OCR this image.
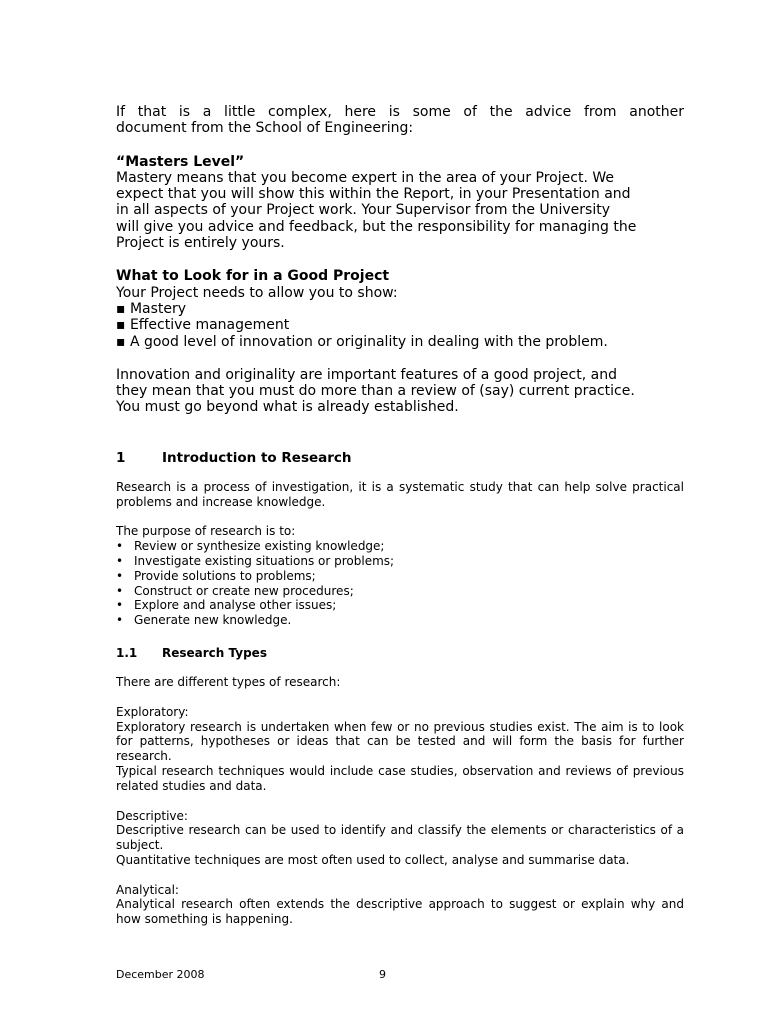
If that is a little complex, here is some of the advice from another
document from the School of Engineering:

“Masters Level”

Mastery means that you become expert in the area of your Project. We
expect that you will show this within the Report, in your Presentation and
in all aspects of your Project work. Your Supervisor from the University
will give you advice and feedback, but the responsibility for managing the
Project is entirely yours.

What to Look for in a Good Project

Your Project needs to allow you to show:

▪ Mastery
▪ Effective management
▪ A good level of innovation or originality in dealing with the problem.

Innovation and originality are important features of a good project, and
they mean that you must do more than a review of (say) current practice.
You must go beyond what is already established.

1	Introduction to Research

Research is a process of investigation, it is a systematic study that can help solve practical problems and increase knowledge.

The purpose of research is to:

• Review or synthesize existing knowledge;
• Investigate existing situations or problems;
• Provide solutions to problems;
• Construct or create new procedures;
• Explore and analyse other issues;
• Generate new knowledge.
1.1	Research Types

There are different types of research:

Exploratory:

Exploratory research is undertaken when few or no previous studies exist. The aim is to look for patterns, hypotheses or ideas that can be tested and will form the basis for further research.

Typical research techniques would include case studies, observation and reviews of previous related studies and data.

Descriptive:

Descriptive research can be used to identify and classify the elements or characteristics of a subject.

Quantitative techniques are most often used to collect, analyse and summarise data.

Analytical:

Analytical research often extends the descriptive approach to suggest or explain why and how something is happening.

December 2008	9
